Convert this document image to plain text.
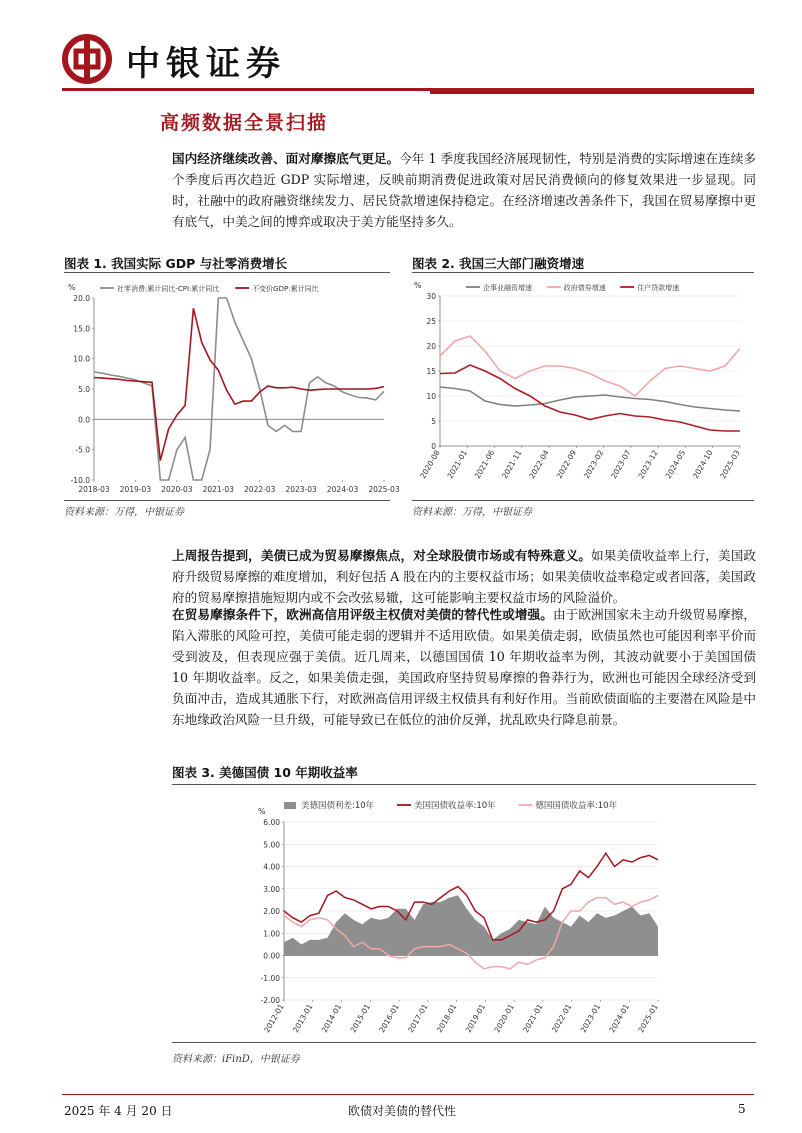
中银证券
高频数据全景扫描
国内经济继续改善、面对摩擦底气更足。今年 1 季度我国经济展现韧性，特别是消费的实际增速在连续多个季度后再次趋近 GDP 实际增速，反映前期消费促进政策对居民消费倾向的修复效果进一步显现。同时，社融中的政府融资继续发力、居民贷款增速保持稳定。在经济增速改善条件下，我国在贸易摩擦中更有底气，中美之间的博弈或取决于美方能坚持多久。
图表 1. 我国实际 GDP 与社零消费增长	图表 2. 我国三大部门融资增速
%
20.0
15.0
10.0
5.0
0.0
-5.0
-10.0
2018-03 2019-03 2020-03 2021-03 2022-03 2023-03 2024-03 2025-03
社零消费:累计同比-CPI:累计同比	不变价GDP:累计同比	%
30
25
20
15
10
5
0
2020-08 2021-01 2021-06 2021-11 2022-04 2022-09 2023-02 2023-07 2023-12 2024-05 2024-10 2025-03
企事业融资增速	政府债券增速	住户贷款增速
资料来源：万得，中银证券	资料来源：万得，中银证券
上周报告提到，美债已成为贸易摩擦焦点，对全球股债市场或有特殊意义。如果美债收益率上行，美国政府升级贸易摩擦的难度增加，利好包括 A 股在内的主要权益市场；如果美债收益率稳定或者回落，美国政府的贸易摩擦措施短期内或不会改弦易辙，这可能影响主要权益市场的风险溢价。
在贸易摩擦条件下，欧洲高信用评级主权债对美债的替代性或增强。由于欧洲国家未主动升级贸易摩擦，陷入滞胀的风险可控，美债可能走弱的逻辑并不适用欧债。如果美债走弱，欧债虽然也可能因利率平价而受到波及，但表现应强于美债。近几周来，以德国国债 10 年期收益率为例，其波动就要小于美国国债 10 年期收益率。反之，如果美债走强，美国政府坚持贸易摩擦的鲁莽行为，欧洲也可能因全球经济受到负面冲击，造成其通胀下行，对欧洲高信用评级主权债具有利好作用。当前欧债面临的主要潜在风险是中东地缘政治风险一旦升级，可能导致已在低位的油价反弹，扰乱欧央行降息前景。
图表 3. 美德国债 10 年期收益率
%
6.00
5.00
4.00
3.00
2.00
1.00
0.00
-1.00
-2.00
2012-01 2013-01 2014-01 2015-01 2016-01 2017-01 2018-01 2019-01 2020-01 2021-01 2022-01 2023-01 2024-01 2025-01
美德国债利差:10年	美国国债收益率:10年	德国国债收益率:10年
资料来源：iFinD，中银证券
2025 年 4 月 20 日	欧债对美债的替代性	5
